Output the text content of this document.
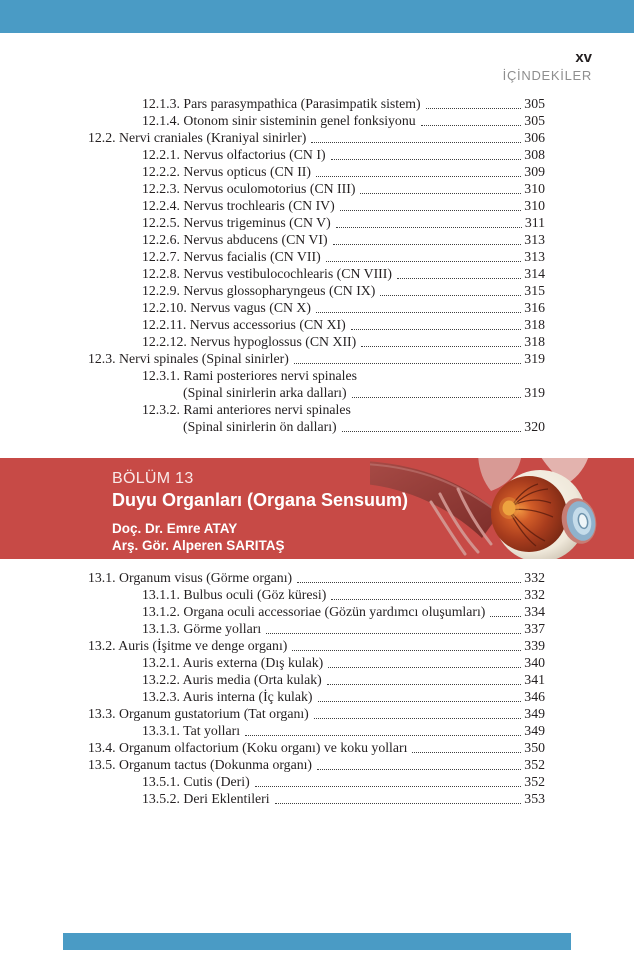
xv
İÇİNDEKİLER
12.1.3. Pars parasympathica (Parasimpatik sistem)	305
12.1.4. Otonom sinir sisteminin genel fonksiyonu	305
12.2. Nervi craniales (Kraniyal sinirler)	306
12.2.1. Nervus olfactorius (CN I)	308
12.2.2. Nervus opticus (CN II)	309
12.2.3. Nervus oculomotorius (CN III)	310
12.2.4. Nervus trochlearis (CN IV)	310
12.2.5. Nervus trigeminus (CN V)	311
12.2.6. Nervus abducens (CN VI)	313
12.2.7. Nervus facialis (CN VII)	313
12.2.8. Nervus vestibulocochlearis (CN VIII)	314
12.2.9. Nervus glossopharyngeus (CN IX)	315
12.2.10. Nervus vagus (CN X)	316
12.2.11. Nervus accessorius (CN XI)	318
12.2.12. Nervus hypoglossus (CN XII)	318
12.3. Nervi spinales (Spinal sinirler)	319
12.3.1. Rami posteriores nervi spinales
(Spinal sinirlerin arka dalları)	319
12.3.2. Rami anteriores nervi spinales
(Spinal sinirlerin ön dalları)	320
BÖLÜM 13
Duyu Organları (Organa Sensuum)
Doç. Dr. Emre ATAY
Arş. Gör. Alperen SARITAŞ
13.1. Organum visus (Görme organı)	332
13.1.1. Bulbus oculi (Göz küresi)	332
13.1.2. Organa oculi accessoriae (Gözün yardımcı oluşumları)	334
13.1.3. Görme yolları	337
13.2. Auris (İşitme ve denge organı)	339
13.2.1. Auris externa (Dış kulak)	340
13.2.2. Auris media (Orta kulak)	341
13.2.3. Auris interna (İç kulak)	346
13.3. Organum gustatorium (Tat organı)	349
13.3.1. Tat yolları	349
13.4. Organum olfactorium (Koku organı) ve koku yolları	350
13.5. Organum tactus (Dokunma organı)	352
13.5.1. Cutis (Deri)	352
13.5.2. Deri Eklentileri	353
